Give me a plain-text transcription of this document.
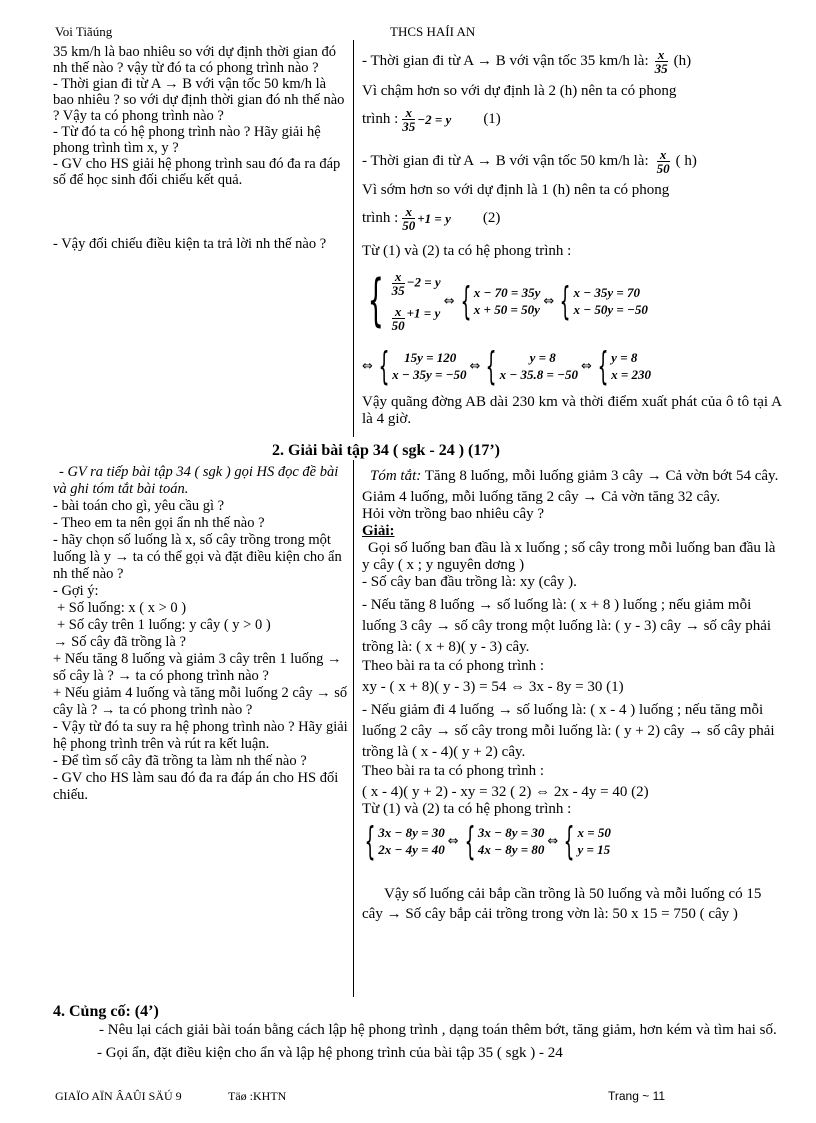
Voi Tiãúng	THCS HAÍI AN

35 km/h là bao nhiêu so với dự định thời gian đó nh thế nào ? vậy từ đó ta có phong trình nào ?

- Thời gian đi từ A → B với vận tốc 50 km/h là bao nhiêu ? so với dự định thời gian đó nh thế nào ? Vậy ta có phong trình nào ?

- Từ đó ta có hệ phong trình nào ? Hãy giải hệ phong trình tìm x, y ?

- GV cho HS giải hệ phong trình sau đó đa ra đáp số để học sinh đối chiếu kết quả.

- Vậy đối chiếu điều kiện ta trả lời nh thế nào ?

- Thời gian đi từ A → B với vận tốc 35 km/h là: $\frac{x}{35} (h)$

Vì chậm hơn so với dự định là 2 (h) nên ta có phong

trình : $\frac{x}{35} -2 = y$ (1)

- Thời gian đi từ A → B với vận tốc 50 km/h là: $\frac{x}{50}$ ( h)

Vì sớm hơn so với dự định là 1 (h) nên ta có phong

trình : $\frac{x}{50} +1 = y$ (2)

Từ (1) và (2) ta có hệ phong trình :

{ $\frac{x}{35} -2 = y$

$\frac{x}{50} +1 = y$
⇔ { x − 70 = 35y
x + 50 = 50y
⇔ { x − 35y = 70
x − 50y = −50
⇔ {	15y = 120
x − 35y = −50
⇔ {	y = 8
x − 35.8 = −50
⇔ { y = 8
x = 230

Vậy quãng đờng AB dài 230 km và thời điểm xuất phát của ô tô tại A là 4 giờ.

2. Giải bài tập 34 ( sgk - 24 ) (17’)

- GV ra tiếp bài tập 34 ( sgk ) gọi HS đọc đề bài và ghi tóm tắt bài toán.

- bài toán cho gì, yêu cầu gì ?

- Theo em ta nên gọi ẩn nh thế nào ?

- hãy chọn số luống là x, số cây trồng trong một luống là y → ta có thể gọi và đặt điều kiện cho ẩn nh thế nào ?

- Gợi ý:

+ Số luống: x ( x > 0 )

+ Số cây trên 1 luống: y cây ( y > 0 )

→ Số cây đã trồng là ?

+ Nếu tăng 8 luống và giảm 3 cây trên 1 luống → số cây là ? → ta có phong trình nào ?

+ Nếu giảm 4 luống và tăng mỗi luống 2 cây → số cây là ? → ta có phong trình nào ?

- Vậy từ đó ta suy ra hệ phong trình nào ? Hãy giải hệ phong trình trên và rút ra kết luận.

- Để tìm số cây đã trồng ta làm nh thế nào ?

- GV cho HS làm sau đó đa ra đáp án cho HS đối chiếu.

Tóm tắt: Tăng 8 luống, mỗi luống giảm 3 cây → Cả vờn bớt 54 cây.

Giảm 4 luống, mỗi luống tăng 2 cây → Cả vờn tăng 32 cây.

Hỏi vờn trồng bao nhiêu cây ?

Giải:

Gọi số luống ban đầu là x luống ; số cây trong mỗi luống ban đầu là y cây ( x ; y nguyên dơng )

- Số cây ban đầu trồng là: xy (cây ).

- Nếu tăng 8 luống → số luống là: ( x + 8 ) luống ; nếu giảm mỗi luống 3 cây → số cây trong một luống là: ( y - 3) cây → số cây phải trồng là: ( x + 8)( y - 3) cây.

Theo bài ra ta có phong trình :

xy - ( x + 8)( y - 3) = 54 ⇔ 3x - 8y = 30 (1)

- Nếu giảm đi 4 luống → số luống là: ( x - 4 ) luống ; nếu tăng mỗi luống 2 cây → số cây trong mỗi luống là: ( y + 2) cây → số cây phải trồng là ( x - 4)( y + 2) cây.

Theo bài ra ta có phong trình :

( x - 4)( y + 2) - xy = 32 ( 2) ⇔ 2x - 4y = 40 (2)

Từ (1) và (2) ta có hệ phong trình :

{ 3x − 8y = 30
2x − 4y = 40
⇔ { 3x − 8y = 30
4x − 8y = 80
⇔ { x = 50
y = 15

Vậy số luống cải bắp cần trồng là 50 luống và mỗi luống có 15 cây → Số cây bắp cải trồng trong vờn là: 50 x 15 = 750 ( cây )

4. Củng cố: (4’)

- Nêu lại cách giải bài toán bằng cách lập hệ phong trình , dạng toán thêm bớt, tăng giảm, hơn kém và tìm hai số.

- Gọi ẩn, đặt điều kiện cho ẩn và lập hệ phong trình của bài tập 35 ( sgk ) - 24

GIAÏO AÏN ÂAÛI SÄÚ 9	Täø :KHTN	Trang ~ 11
